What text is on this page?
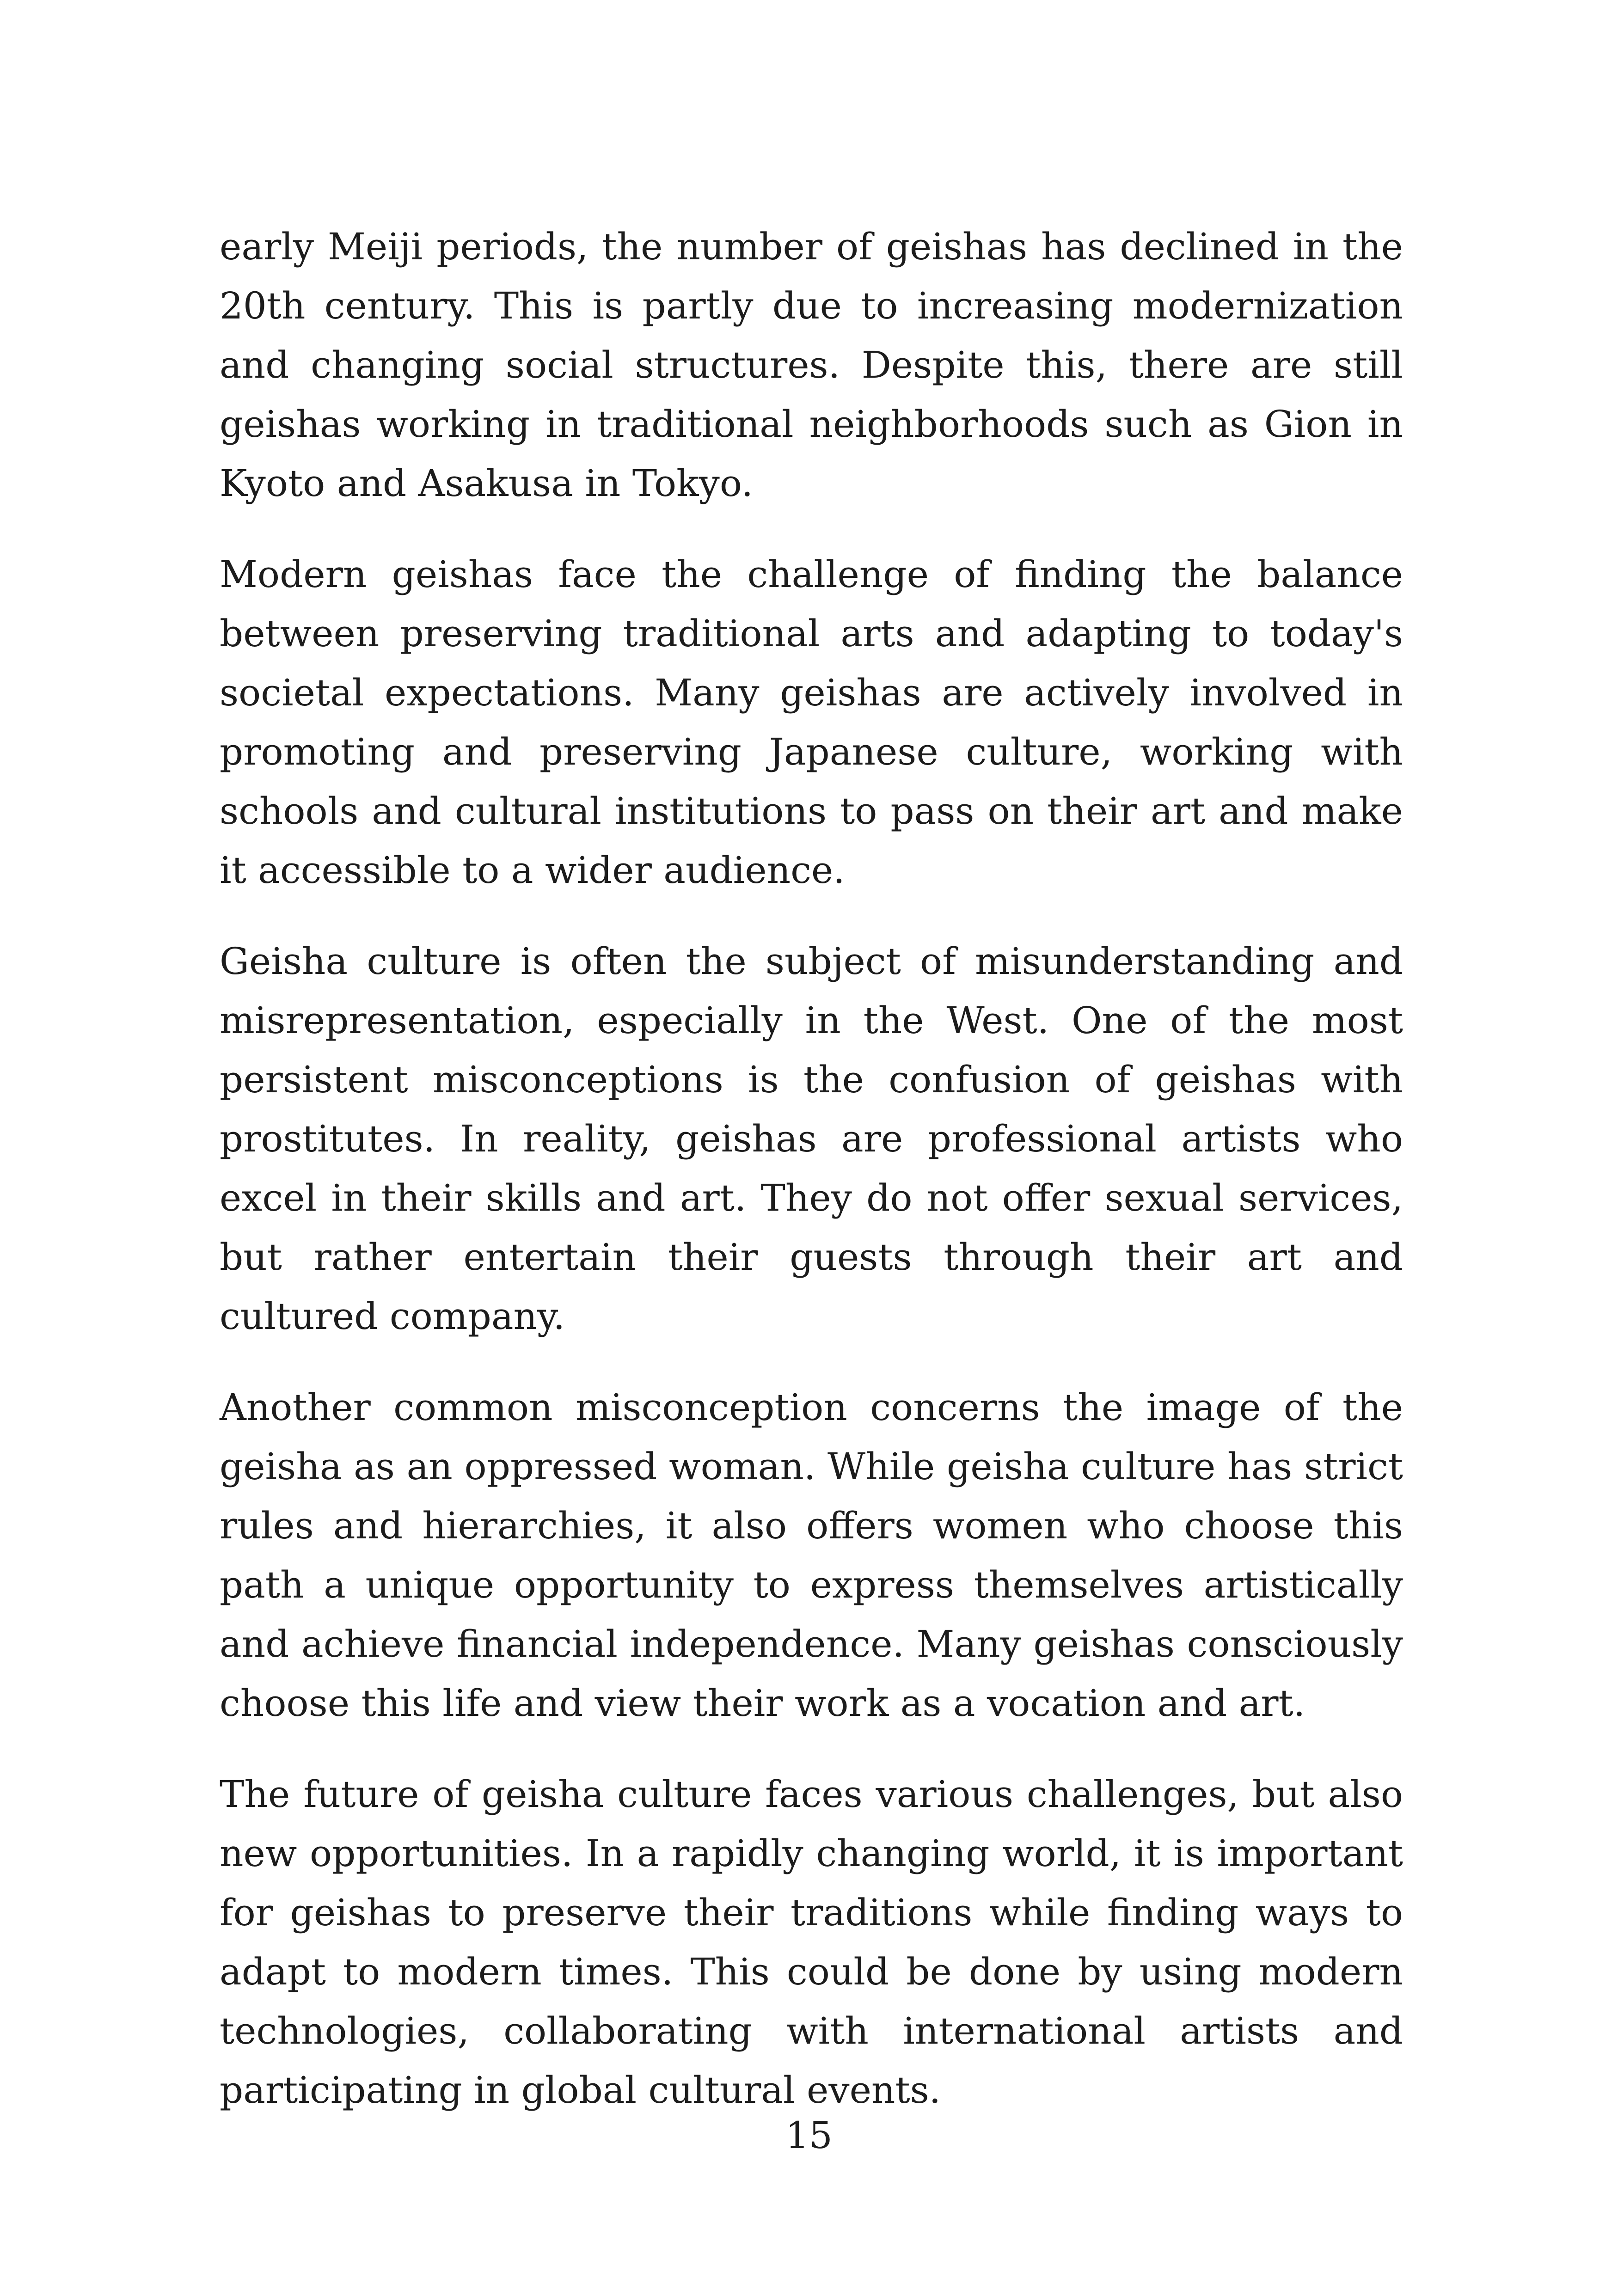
early Meiji periods, the number of geishas has declined in the 20th century. This is partly due to increasing modernization and changing social structures. Despite this, there are still geishas working in traditional neighborhoods such as Gion in Kyoto and Asakusa in Tokyo.

Modern geishas face the challenge of finding the balance between preserving traditional arts and adapting to today's societal expectations. Many geishas are actively involved in promoting and preserving Japanese culture, working with schools and cultural institutions to pass on their art and make it accessible to a wider audience.

Geisha culture is often the subject of misunderstanding and misrepresentation, especially in the West. One of the most persistent misconceptions is the confusion of geishas with prostitutes. In reality, geishas are professional artists who excel in their skills and art. They do not offer sexual services, but rather entertain their guests through their art and cultured company.

Another common misconception concerns the image of the geisha as an oppressed woman. While geisha culture has strict rules and hierarchies, it also offers women who choose this path a unique opportunity to express themselves artistically and achieve financial independence. Many geishas consciously choose this life and view their work as a vocation and art.

The future of geisha culture faces various challenges, but also new opportunities. In a rapidly changing world, it is important for geishas to preserve their traditions while finding ways to adapt to modern times. This could be done by using modern technologies, collaborating with international artists and participating in global cultural events.

15
